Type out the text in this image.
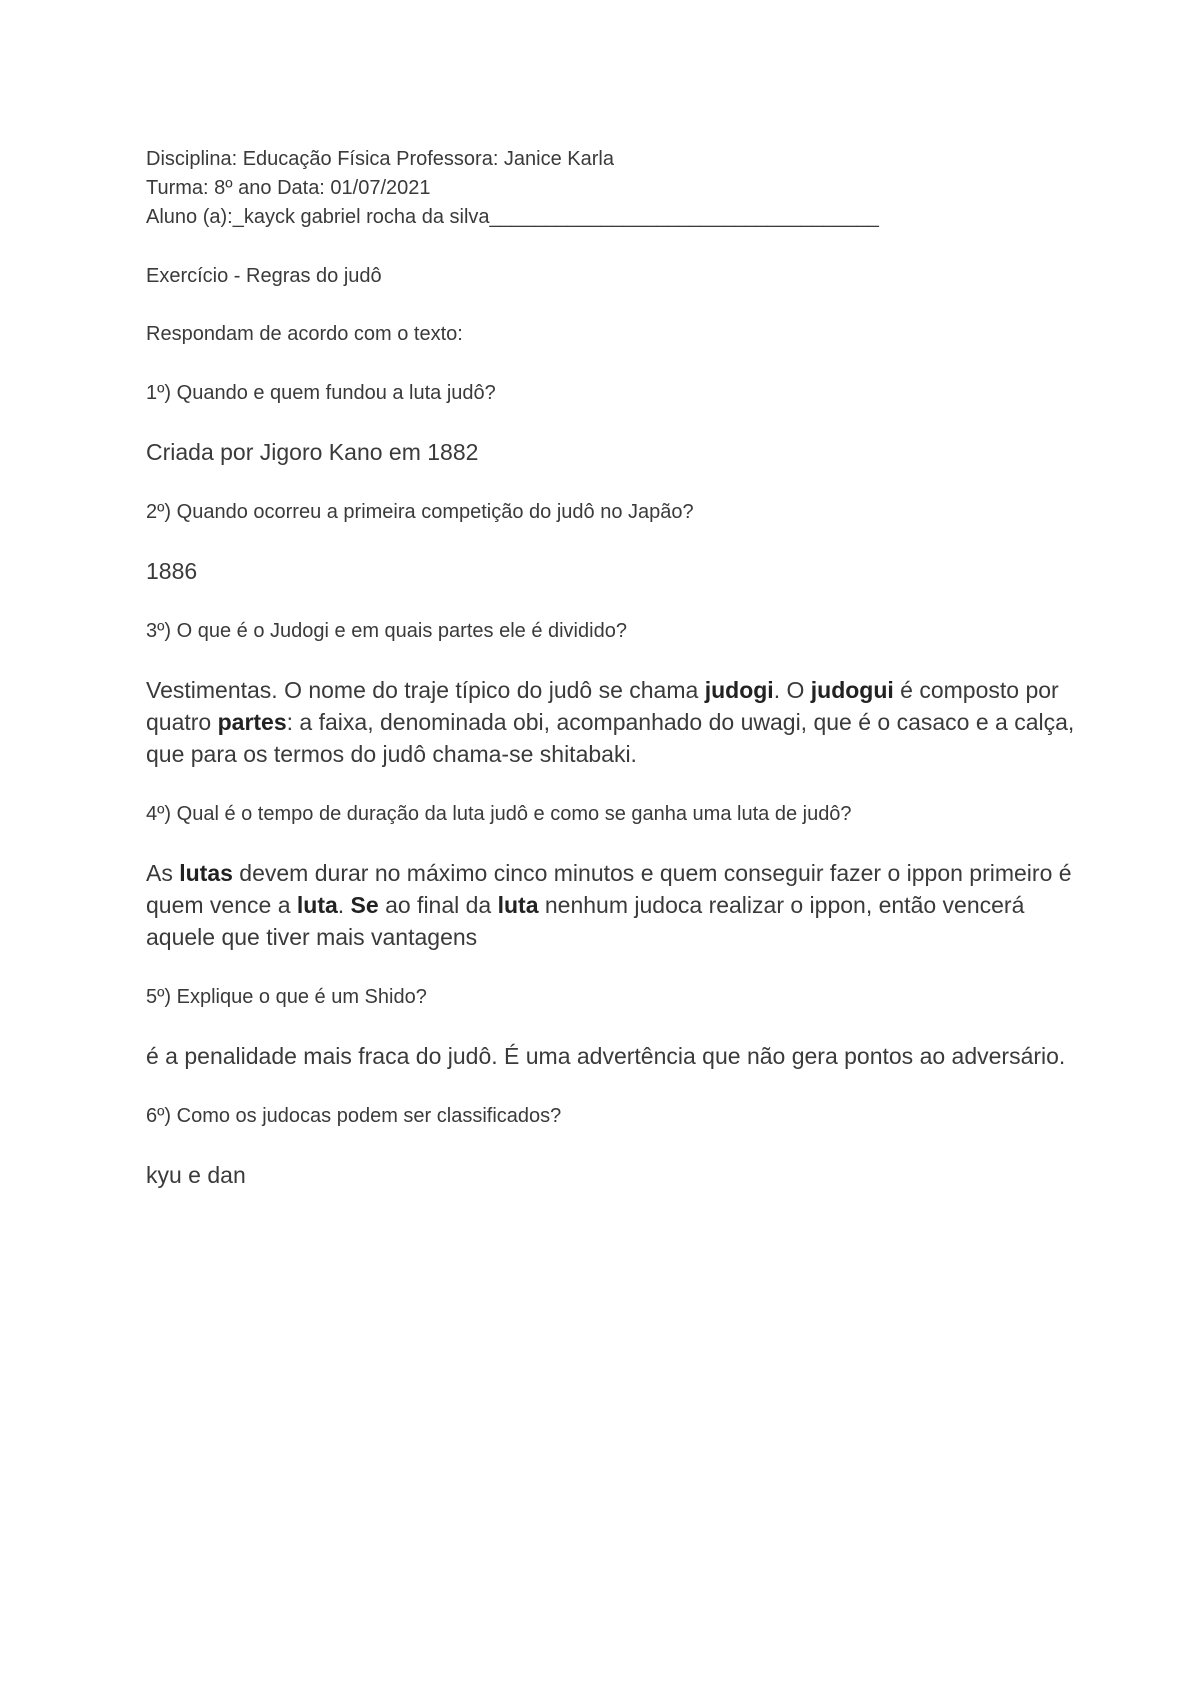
Disciplina: Educação Física Professora: Janice Karla

Turma: 8º ano Data: 01/07/2021

Aluno (a):_kayck gabriel rocha da silva___________________________________

Exercício - Regras do judô

Respondam de acordo com o texto:

1º) Quando e quem fundou a luta judô?

Criada por Jigoro Kano em 1882

2º) Quando ocorreu a primeira competição do judô no Japão?

1886

3º) O que é o Judogi e em quais partes ele é dividido?

Vestimentas. O nome do traje típico do judô se chama judogi. O judogui é composto por quatro partes: a faixa, denominada obi, acompanhado do uwagi, que é o casaco e a calça, que para os termos do judô chama-se shitabaki.

4º) Qual é o tempo de duração da luta judô e como se ganha uma luta de judô?

As lutas devem durar no máximo cinco minutos e quem conseguir fazer o ippon primeiro é quem vence a luta. Se ao final da luta nenhum judoca realizar o ippon, então vencerá aquele que tiver mais vantagens

5º) Explique o que é um Shido?

é a penalidade mais fraca do judô. É uma advertência que não gera pontos ao adversário.

6º) Como os judocas podem ser classificados?

kyu e dan
